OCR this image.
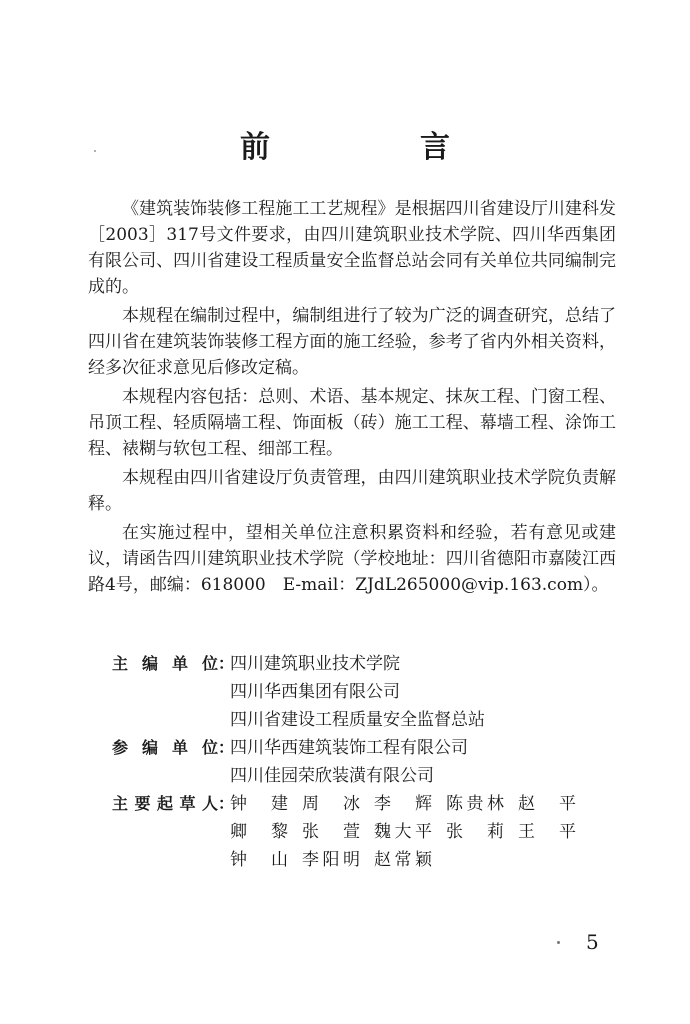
前　言

《建筑装饰装修工程施工工艺规程》是根据四川省建设厅川建科发［2003］317号文件要求，由四川建筑职业技术学院、四川华西集团有限公司、四川省建设工程质量安全监督总站会同有关单位共同编制完成的。

本规程在编制过程中，编制组进行了较为广泛的调查研究，总结了四川省在建筑装饰装修工程方面的施工经验，参考了省内外相关资料，经多次征求意见后修改定稿。

本规程内容包括：总则、术语、基本规定、抹灰工程、门窗工程、吊顶工程、轻质隔墙工程、饰面板（砖）施工工程、幕墙工程、涂饰工程、裱糊与软包工程、细部工程。

本规程由四川省建设厅负责管理，由四川建筑职业技术学院负责解释。

在实施过程中，望相关单位注意积累资料和经验，若有意见或建议，请函告四川建筑职业技术学院（学校地址：四川省德阳市嘉陵江西路4号，邮编：618000　E-mail：ZJdL265000@vip.163.com）。

主编单位 ：
四川建筑职业技术学院
四川华西集团有限公司
四川省建设工程质量安全监督总站
参编单位 ：
四川华西建筑装饰工程有限公司
四川佳园荣欣装潢有限公司
主要起草人 ：
钟建 周冰 李辉 陈贵林 赵平
卿黎 张萱 魏大平 张莉 王平
钟山 李阳明 赵常颖
5
